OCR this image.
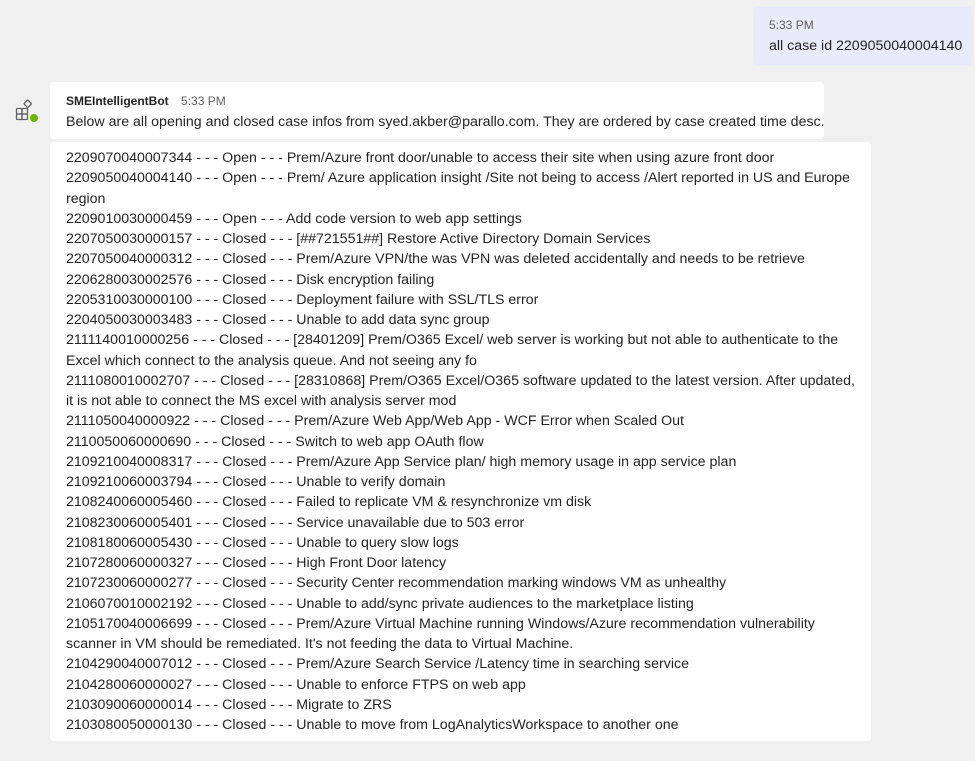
5:33 PM
all case id 2209050040004140
SMEIntelligentBot 5:33 PM
Below are all opening and closed case infos from syed.akber@parallo.com. They are ordered by case created time desc.
2209070040007344 - - - Open - - - Prem/Azure front door/unable to access their site when using azure front door
2209050040004140 - - - Open - - - Prem/ Azure application insight /Site not being to access /Alert reported in US and Europe region
2209010030000459 - - - Open - - - Add code version to web app settings
2207050030000157 - - - Closed - - - [##721551##] Restore Active Directory Domain Services
2207050040000312 - - - Closed - - - Prem/Azure VPN/the was VPN was deleted accidentally and needs to be retrieve
2206280030002576 - - - Closed - - - Disk encryption failing
2205310030000100 - - - Closed - - - Deployment failure with SSL/TLS error
2204050030003483 - - - Closed - - - Unable to add data sync group
2111140010000256 - - - Closed - - - [28401209] Prem/O365 Excel/ web server is working but not able to authenticate to the Excel which connect to the analysis queue. And not seeing any fo
2111080010002707 - - - Closed - - - [28310868] Prem/O365 Excel/O365 software updated to the latest version. After updated, it is not able to connect the MS excel with analysis server mod
2111050040000922 - - - Closed - - - Prem/Azure Web App/Web App - WCF Error when Scaled Out
2110050060000690 - - - Closed - - - Switch to web app OAuth flow
2109210040008317 - - - Closed - - - Prem/Azure App Service plan/ high memory usage in app service plan
2109210060003794 - - - Closed - - - Unable to verify domain
2108240060005460 - - - Closed - - - Failed to replicate VM & resynchronize vm disk
2108230060005401 - - - Closed - - - Service unavailable due to 503 error
2108180060005430 - - - Closed - - - Unable to query slow logs
2107280060000327 - - - Closed - - - High Front Door latency
2107230060000277 - - - Closed - - - Security Center recommendation marking windows VM as unhealthy
2106070010002192 - - - Closed - - - Unable to add/sync private audiences to the marketplace listing
2105170040006699 - - - Closed - - - Prem/Azure Virtual Machine running Windows/Azure recommendation vulnerability scanner in VM should be remediated. It's not feeding the data to Virtual Machine.
2104290040007012 - - - Closed - - - Prem/Azure Search Service /Latency time in searching service
2104280060000027 - - - Closed - - - Unable to enforce FTPS on web app
2103090060000014 - - - Closed - - - Migrate to ZRS
2103080050000130 - - - Closed - - - Unable to move from LogAnalyticsWorkspace to another one
